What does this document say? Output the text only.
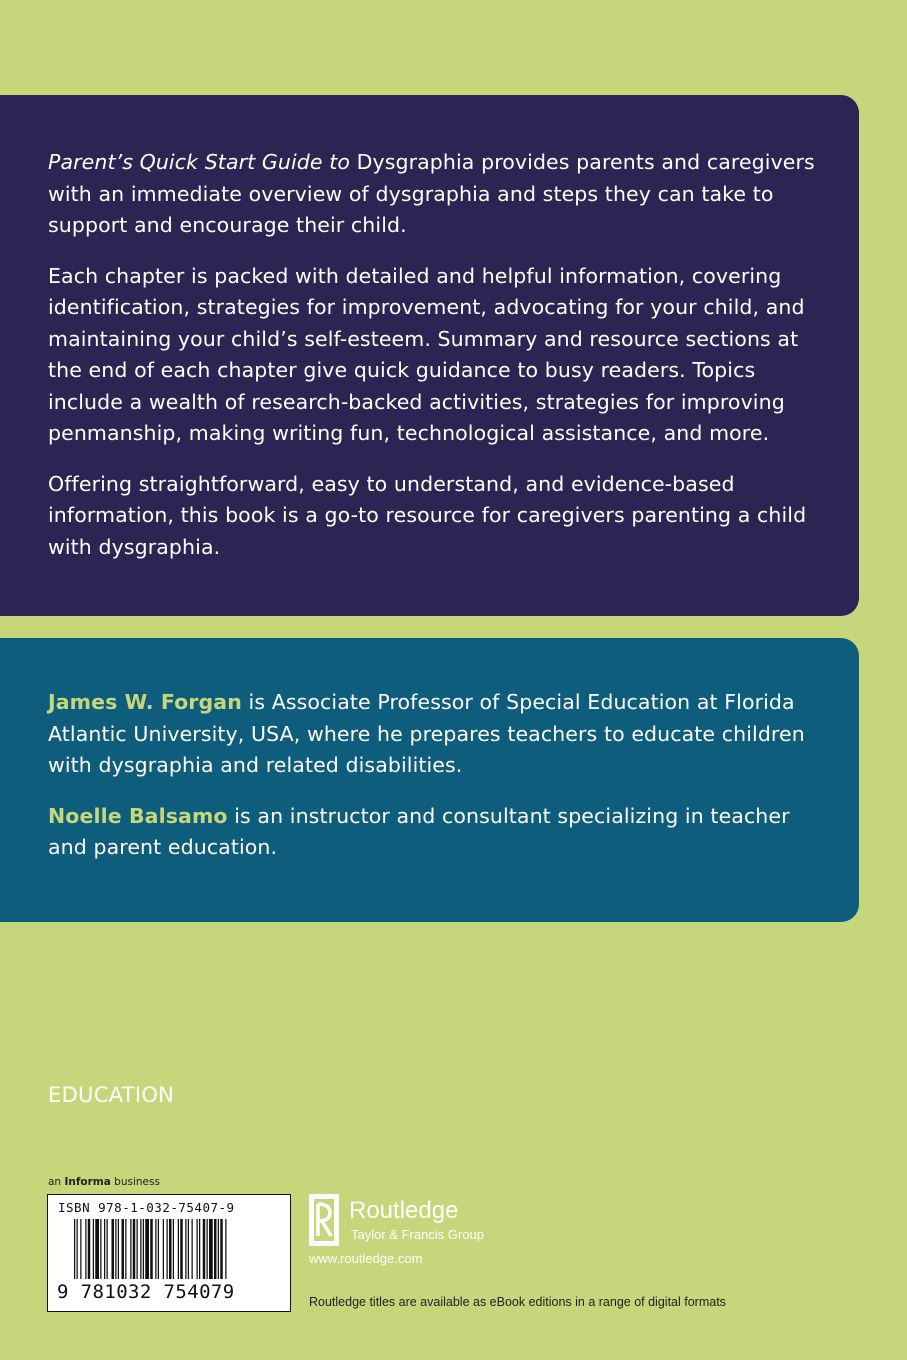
Parent’s Quick Start Guide to Dysgraphia provides parents and caregivers with an immediate overview of dysgraphia and steps they can take to support and encourage their child.

Each chapter is packed with detailed and helpful information, covering identification, strategies for improvement, advocating for your child, and maintaining your child’s self-esteem. Summary and resource sections at the end of each chapter give quick guidance to busy readers. Topics include a wealth of research-backed activities, strategies for improving penmanship, making writing fun, technological assistance, and more.

Offering straightforward, easy to understand, and evidence-based information, this book is a go-to resource for caregivers parenting a child with dysgraphia.

James W. Forgan is Associate Professor of Special Education at Florida Atlantic University, USA, where he prepares teachers to educate children with dysgraphia and related disabilities.

Noelle Balsamo is an instructor and consultant specializing in teacher and parent education.

EDUCATION
an Informa business
ISBN 978-1-032-75407-9
9 781032 754079
Routledge
Taylor & Francis Group
www.routledge.com
Routledge titles are available as eBook editions in a range of digital formats
